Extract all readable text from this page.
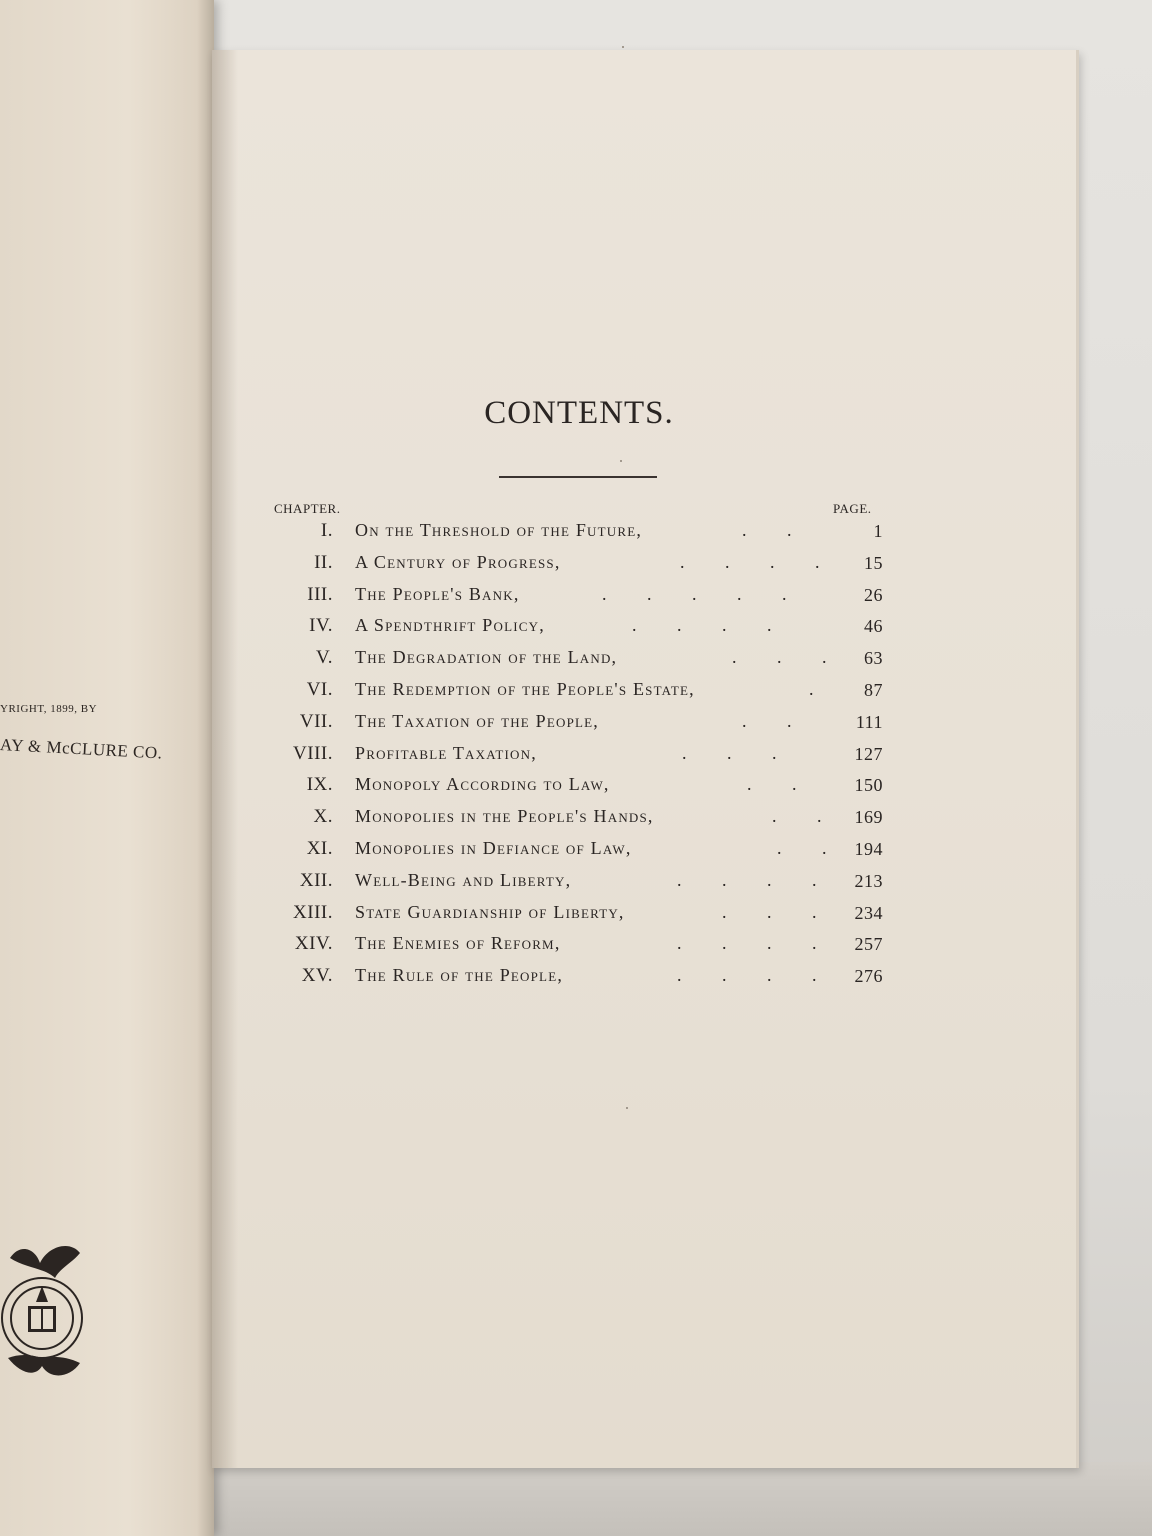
YRIGHT, 1899, BY
AY & McCLURE CO.
CONTENTS.
CHAPTER.	PAGE.
I. On the Threshold of the Future,	.   .	1
II. A Century of Progress,	.   .   .   . 15
III. The People's Bank,	.   .   .   .   .	26
IV. A Spendthrift Policy,	.   .   .   .	46
V. The Degradation of the Land,	.   .   . 63
VI. The Redemption of the People's Estate,	.	87
VII. The Taxation of the People,	.   .	111
VIII. Profitable Taxation,	.   .   .	127
IX. Monopoly According to Law,	.   .	150
X. Monopolies in the People's Hands,	.   . 169
XI. Monopolies in Defiance of Law,	.   . 194
XII. Well-Being and Liberty,	.   .   .   . 213
XIII. State Guardianship of Liberty,	.   .   . 234
XIV. The Enemies of Reform,	.   .   .   . 257
XV. The Rule of the People,	.   .   .   . 276
